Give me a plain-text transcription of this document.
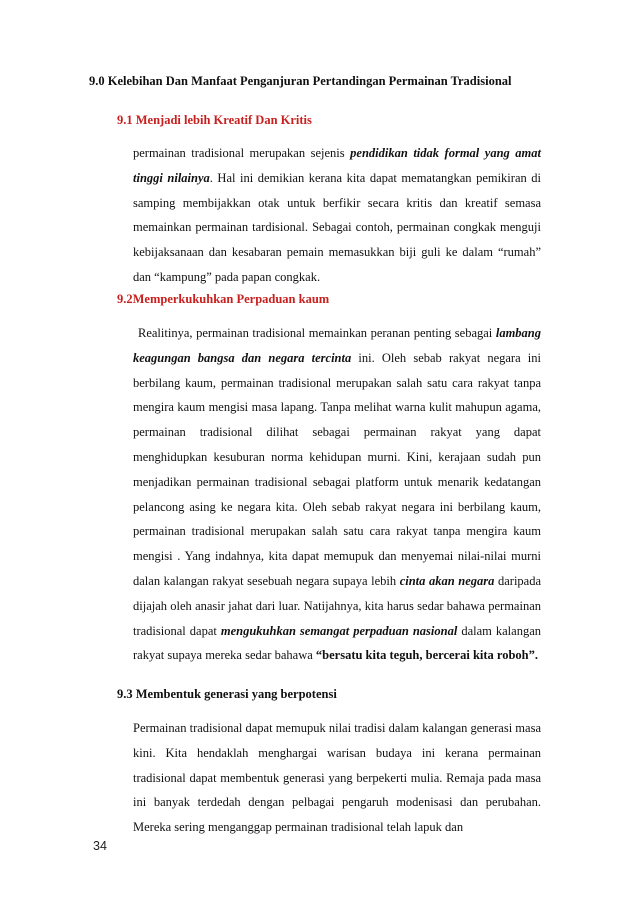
9.0 Kelebihan Dan Manfaat Penganjuran Pertandingan Permainan Tradisional
9.1 Menjadi lebih Kreatif Dan Kritis
permainan tradisional merupakan sejenis pendidikan tidak formal yang amat tinggi nilainya. Hal ini demikian kerana kita dapat mematangkan pemikiran di samping membijakkan otak untuk berfikir secara kritis dan kreatif semasa memainkan permainan tardisional. Sebagai contoh, permainan congkak menguji kebijaksanaan dan kesabaran pemain memasukkan biji guli ke dalam “rumah” dan “kampung” pada papan congkak.
9.2Memperkukuhkan Perpaduan kaum
Realitinya, permainan tradisional memainkan peranan penting sebagai lambang keagungan bangsa dan negara tercinta ini. Oleh sebab rakyat negara ini berbilang kaum, permainan tradisional merupakan salah satu cara rakyat tanpa mengira kaum mengisi masa lapang. Tanpa melihat warna kulit mahupun agama, permainan tradisional dilihat sebagai permainan rakyat yang dapat menghidupkan kesuburan norma kehidupan murni. Kini, kerajaan sudah pun menjadikan permainan tradisional sebagai platform untuk menarik kedatangan pelancong asing ke negara kita. Oleh sebab rakyat negara ini berbilang kaum, permainan tradisional merupakan salah satu cara rakyat tanpa mengira kaum mengisi . Yang indahnya, kita dapat memupuk dan menyemai nilai-nilai murni dalan kalangan rakyat sesebuah negara supaya lebih cinta akan negara daripada dijajah oleh anasir jahat dari luar. Natijahnya, kita harus sedar bahawa permainan tradisional dapat mengukuhkan semangat perpaduan nasional dalam kalangan rakyat supaya mereka sedar bahawa “bersatu kita teguh, bercerai kita roboh”.
9.3 Membentuk generasi yang berpotensi
Permainan tradisional dapat memupuk nilai tradisi dalam kalangan generasi masa kini. Kita hendaklah menghargai warisan budaya ini kerana permainan tradisional dapat membentuk generasi yang berpekerti mulia. Remaja pada masa ini banyak terdedah dengan pelbagai pengaruh modenisasi dan perubahan. Mereka sering menganggap permainan tradisional telah lapuk dan
34
